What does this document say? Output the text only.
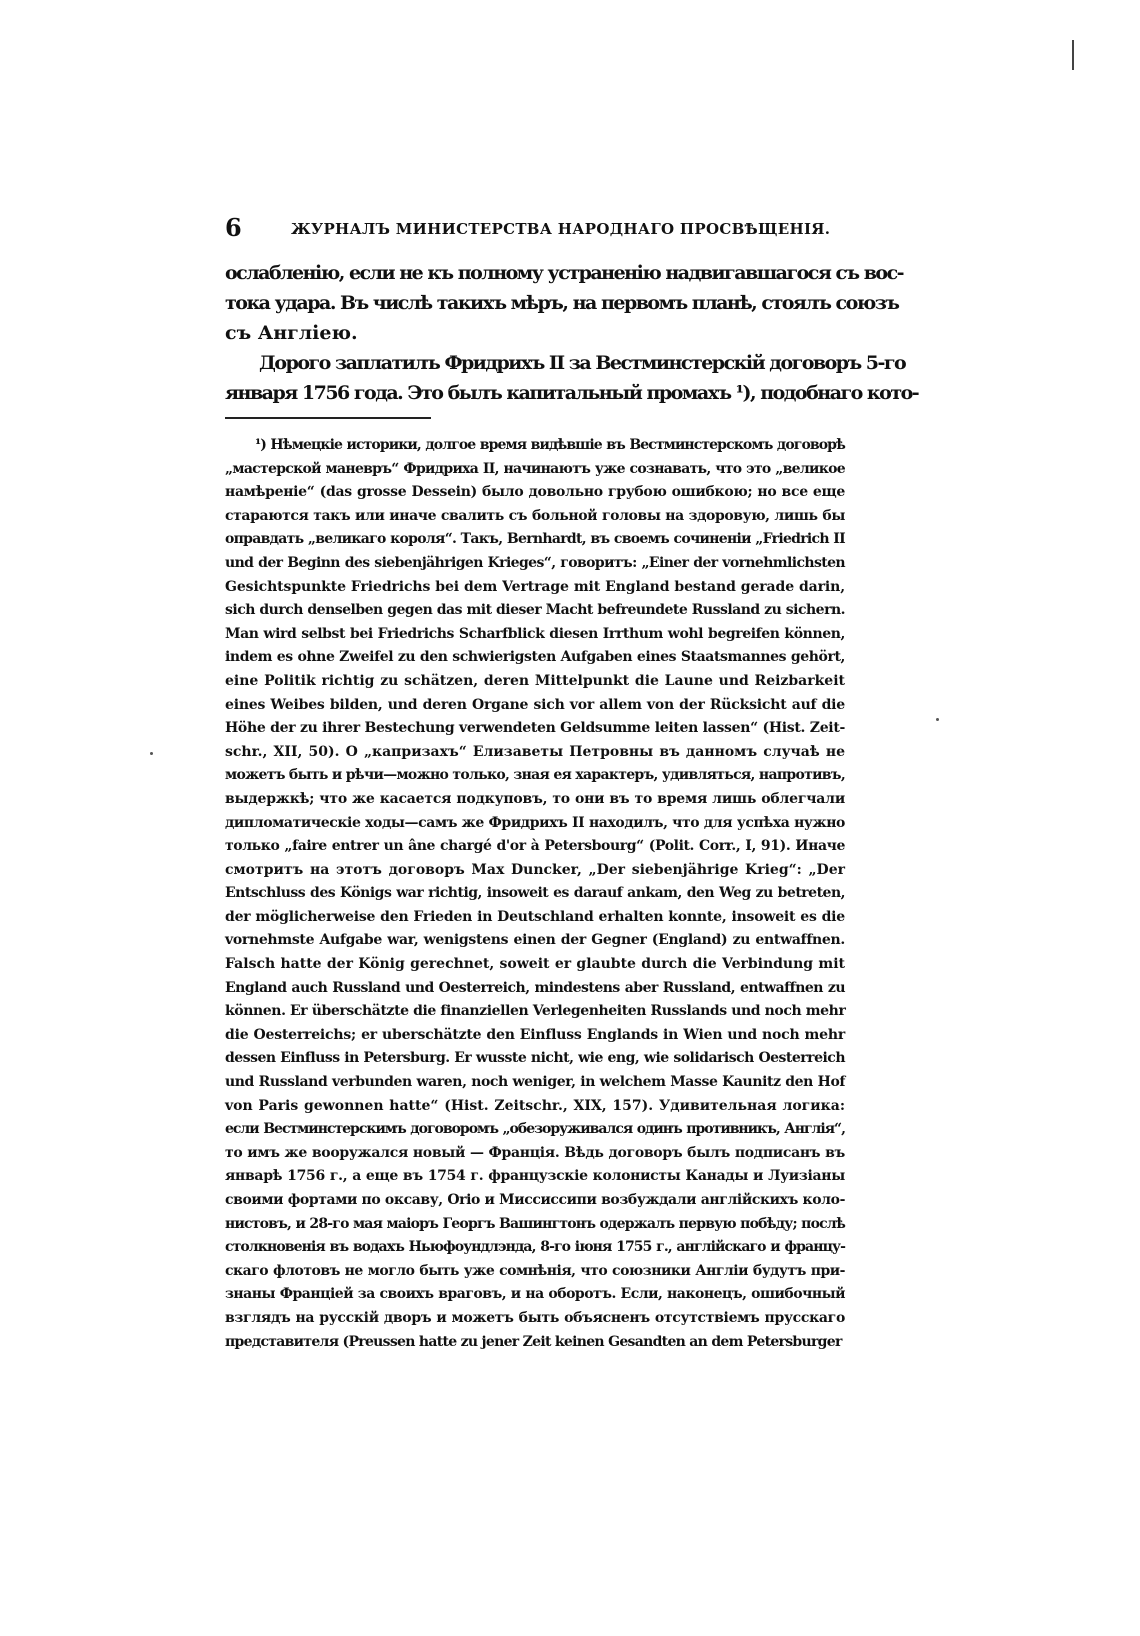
6	ЖУРНАЛЪ МИНИСТЕРСТВА НАРОДНАГО ПРОСВѢЩЕНІЯ.
ослабленію, если не къ полному устраненію надвигавшагося съ вос-
тока удара. Въ числѣ такихъ мѣръ, на первомъ планѣ, стоялъ союзъ
съ Англіею.
Дорого заплатилъ Фридрихъ II за Вестминстерскій договоръ 5-го
января 1756 года. Это былъ капитальный промахъ ¹), подобнаго кото-
¹) Нѣмецкіе историки, долгое время видѣвшіе въ Вестминстерскомъ договорѣ
„мастерской маневръ“ Фридриха II, начинаютъ уже сознавать, что это „великое
намѣреніе“ (das grosse Dessein) было довольно грубою ошибкою; но все еще
стараются такъ или иначе свалить съ больной головы на здоровую, лишь бы
оправдать „великаго короля“. Такъ, Bernhardt, въ своемъ сочиненіи „Friedrich II
und der Beginn des siebenjährigen Krieges“, говоритъ: „Einer der vornehmlichsten
Gesichtspunkte Friedrichs bei dem Vertrage mit England bestand gerade darin,
sich durch denselben gegen das mit dieser Macht befreundete Russland zu sichern.
Man wird selbst bei Friedrichs Scharfblick diesen Irrthum wohl begreifen können,
indem es ohne Zweifel zu den schwierigsten Aufgaben eines Staatsmannes gehört,
eine Politik richtig zu schätzen, deren Mittelpunkt die Laune und Reizbarkeit
eines Weibes bilden, und deren Organe sich vor allem von der Rücksicht auf die
Höhe der zu ihrer Bestechung verwendeten Geldsumme leiten lassen“ (Hist. Zeit-
schr., XII, 50). О „капризахъ“ Елизаветы Петровны въ данномъ случаѣ не
можетъ быть и рѣчи—можно только, зная ея характеръ, удивляться, напротивъ,
выдержкѣ; что же касается подкуповъ, то они въ то время лишь облегчали
дипломатическіе ходы—самъ же Фридрихъ II находилъ, что для успѣха нужно
только „faire entrer un âne chargé d'or à Petersbourg“ (Polit. Corr., I, 91). Иначе
смотритъ на этотъ договоръ Max Duncker, „Der siebenjährige Krieg“: „Der
Entschluss des Königs war richtig, insoweit es darauf ankam, den Weg zu betreten,
der möglicherweise den Frieden in Deutschland erhalten konnte, insoweit es die
vornehmste Aufgabe war, wenigstens einen der Gegner (England) zu entwaffnen.
Falsch hatte der König gerechnet, soweit er glaubte durch die Verbindung mit
England auch Russland und Oesterreich, mindestens aber Russland, entwaffnen zu
können. Er überschätzte die finanziellen Verlegenheiten Russlands und noch mehr
die Oesterreichs; er uberschätzte den Einfluss Englands in Wien und noch mehr
dessen Einfluss in Petersburg. Er wusste nicht, wie eng, wie solidarisch Oesterreich
und Russland verbunden waren, noch weniger, in welchem Masse Kaunitz den Hof
von Paris gewonnen hatte“ (Hist. Zeitschr., XIX, 157). Удивительная логика:
если Вестминстерскимъ договоромъ „обезоруживался одинъ противникъ, Англія“,
то имъ же вооружался новый — Франція. Вѣдь договоръ былъ подписанъ въ
январѣ 1756 г., а еще въ 1754 г. французскіе колонисты Канады и Луизіаны
своими фортами по оксаву, Orio и Миссиссипи возбуждали англійскихъ коло-
нистовъ, и 28-го мая маіоръ Георгъ Вашингтонъ одержалъ первую побѣду; послѣ
столкновенія въ водахъ Ньюфоундлэнда, 8-го іюня 1755 г., англійскаго и францу-
скаго флотовъ не могло быть уже сомнѣнія, что союзники Англіи будутъ при-
знаны Франціей за своихъ враговъ, и на оборотъ. Если, наконецъ, ошибочный
взглядъ на русскій дворъ и можетъ быть объясненъ отсутствіемъ прусскаго
представителя (Preussen hatte zu jener Zeit keinen Gesandten an dem Petersburger
